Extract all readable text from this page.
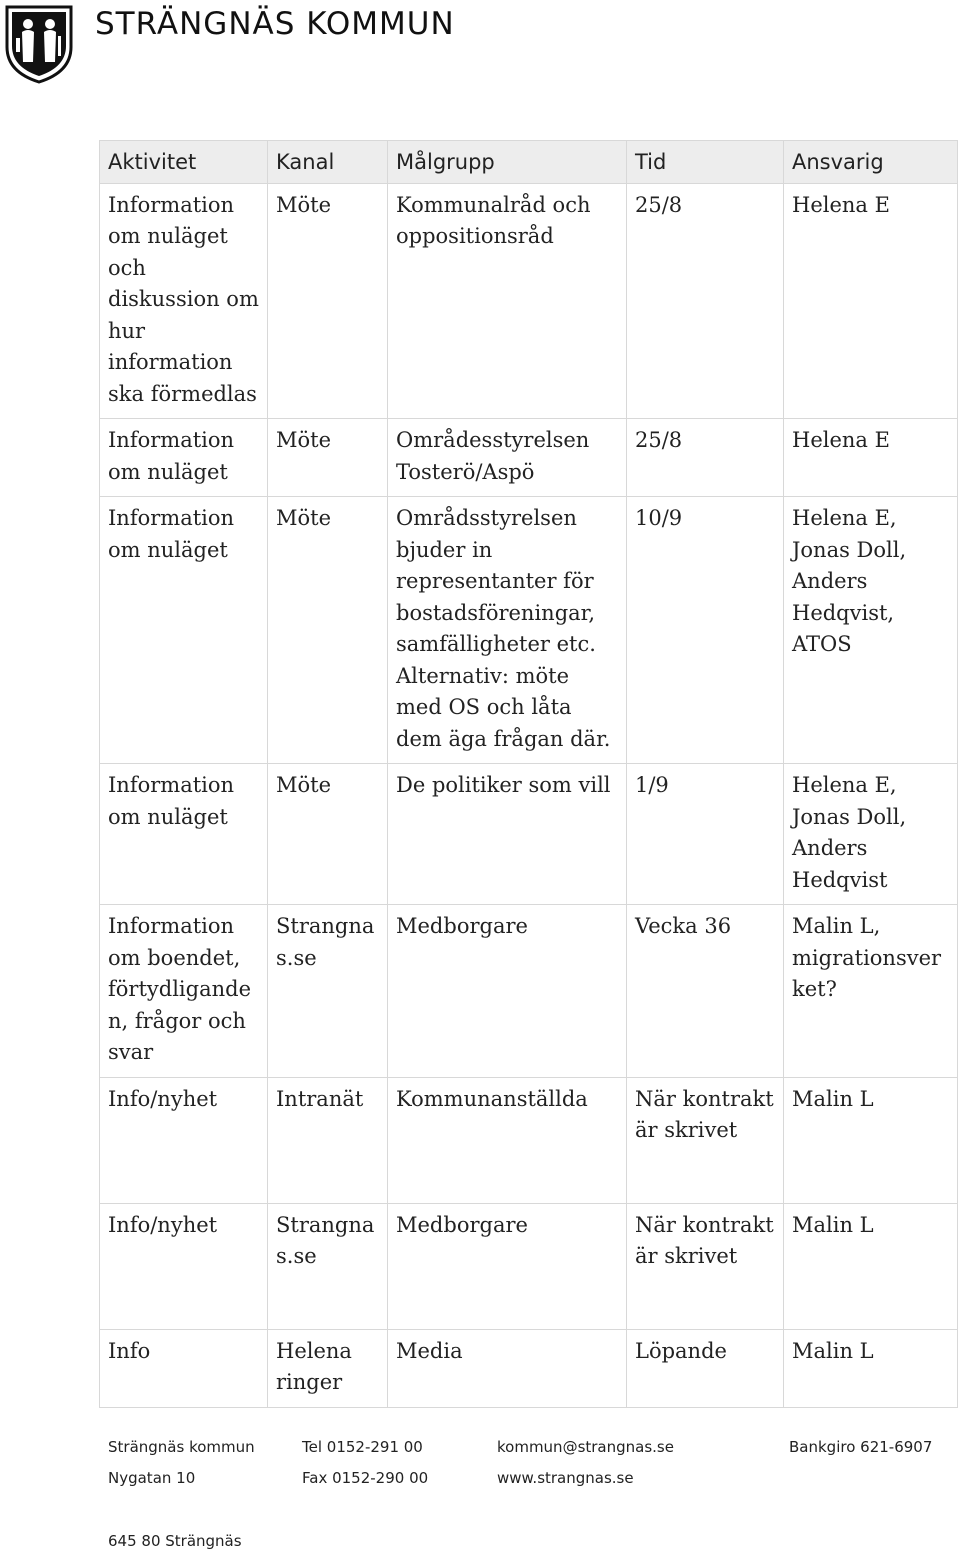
STRÄNGNÄS KOMMUN
Aktivitet	Kanal	Målgrupp	Tid	Ansvarig
Information om nuläget och diskussion om hur information ska förmedlas	Möte	Kommunalråd och oppositionsråd	25/8	Helena E
Information om nuläget	Möte	Områdesstyrelsen Tosterö/Aspö	25/8	Helena E
Information om nuläget	Möte	Områdsstyrelsen bjuder in representanter för bostadsföreningar, samfälligheter etc. Alternativ: möte med OS och låta dem äga frågan där.	10/9	Helena E, Jonas Doll, Anders Hedqvist, ATOS
Information om nuläget	Möte	De politiker som vill	1/9	Helena E, Jonas Doll, Anders Hedqvist
Information om boendet, förtydligande n, frågor och svar	Strangna s.se	Medborgare	Vecka 36	Malin L, migrationsver ket?
Info/nyhet	Intranät	Kommunanställda	När kontrakt är skrivet	Malin L
Info/nyhet	Strangna s.se	Medborgare	När kontrakt är skrivet	Malin L
Info	Helena ringer	Media	Löpande	Malin L
Strängnäs kommun	Tel 0152-291 00	kommun@strangnas.se	Bankgiro 621-6907
Nygatan 10	Fax 0152-290 00	www.strangnas.se
645 80 Strängnäs
